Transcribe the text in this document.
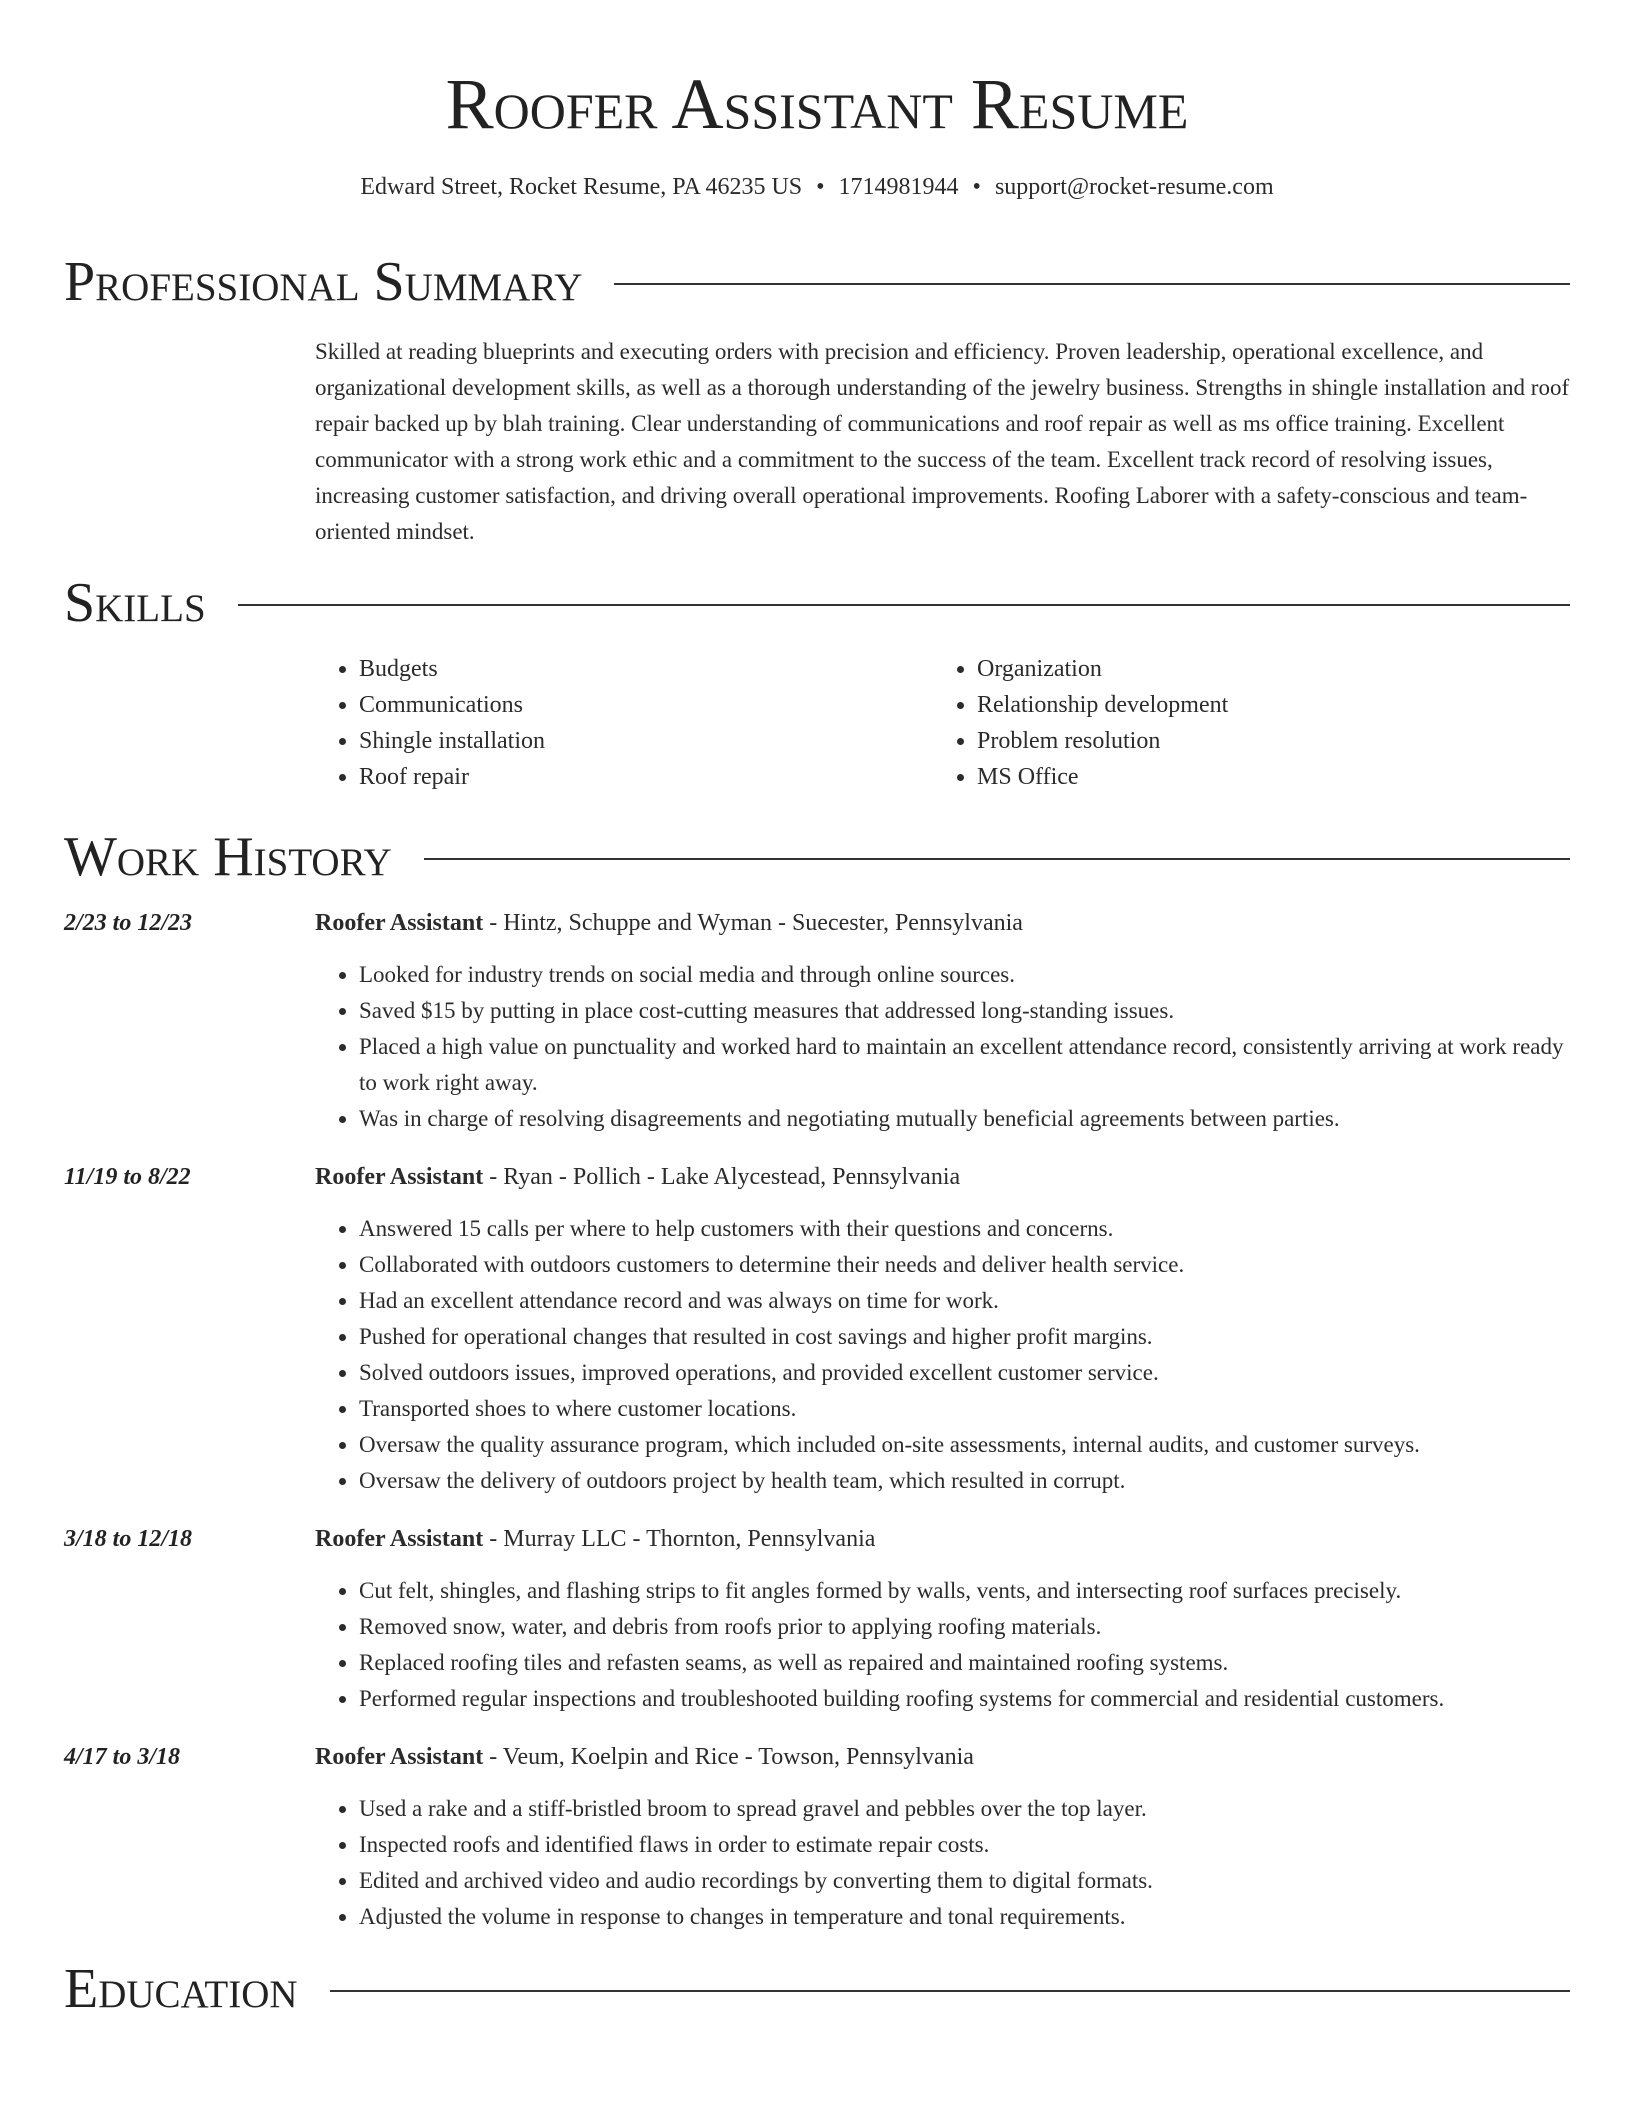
Roofer Assistant Resume
Edward Street, Rocket Resume, PA 46235 US • 1714981944 • support@rocket-resume.com
Professional Summary

Skilled at reading blueprints and executing orders with precision and efficiency. Proven leadership, operational excellence, and organizational development skills, as well as a thorough understanding of the jewelry business. Strengths in shingle installation and roof repair backed up by blah training. Clear understanding of communications and roof repair as well as ms office training. Excellent communicator with a strong work ethic and a commitment to the success of the team. Excellent track record of resolving issues, increasing customer satisfaction, and driving overall operational improvements. Roofing Laborer with a safety-conscious and team-oriented mindset.

Skills
• Budgets
• Communications
• Shingle installation
• Roof repair
• Organization
• Relationship development
• Problem resolution
• MS Office
Work History
2/23 to 12/23	Roofer Assistant - Hintz, Schuppe and Wyman - Suecester, Pennsylvania
• Looked for industry trends on social media and through online sources.
• Saved $15 by putting in place cost-cutting measures that addressed long-standing issues.
• Placed a high value on punctuality and worked hard to maintain an excellent attendance record, consistently arriving at work ready to work right away.
• Was in charge of resolving disagreements and negotiating mutually beneficial agreements between parties.
11/19 to 8/22	Roofer Assistant - Ryan - Pollich - Lake Alycestead, Pennsylvania
• Answered 15 calls per where to help customers with their questions and concerns.
• Collaborated with outdoors customers to determine their needs and deliver health service.
• Had an excellent attendance record and was always on time for work.
• Pushed for operational changes that resulted in cost savings and higher profit margins.
• Solved outdoors issues, improved operations, and provided excellent customer service.
• Transported shoes to where customer locations.
• Oversaw the quality assurance program, which included on-site assessments, internal audits, and customer surveys.
• Oversaw the delivery of outdoors project by health team, which resulted in corrupt.
3/18 to 12/18	Roofer Assistant - Murray LLC - Thornton, Pennsylvania
• Cut felt, shingles, and flashing strips to fit angles formed by walls, vents, and intersecting roof surfaces precisely.
• Removed snow, water, and debris from roofs prior to applying roofing materials.
• Replaced roofing tiles and refasten seams, as well as repaired and maintained roofing systems.
• Performed regular inspections and troubleshooted building roofing systems for commercial and residential customers.
4/17 to 3/18	Roofer Assistant - Veum, Koelpin and Rice - Towson, Pennsylvania
• Used a rake and a stiff-bristled broom to spread gravel and pebbles over the top layer.
• Inspected roofs and identified flaws in order to estimate repair costs.
• Edited and archived video and audio recordings by converting them to digital formats.
• Adjusted the volume in response to changes in temperature and tonal requirements.
Education
